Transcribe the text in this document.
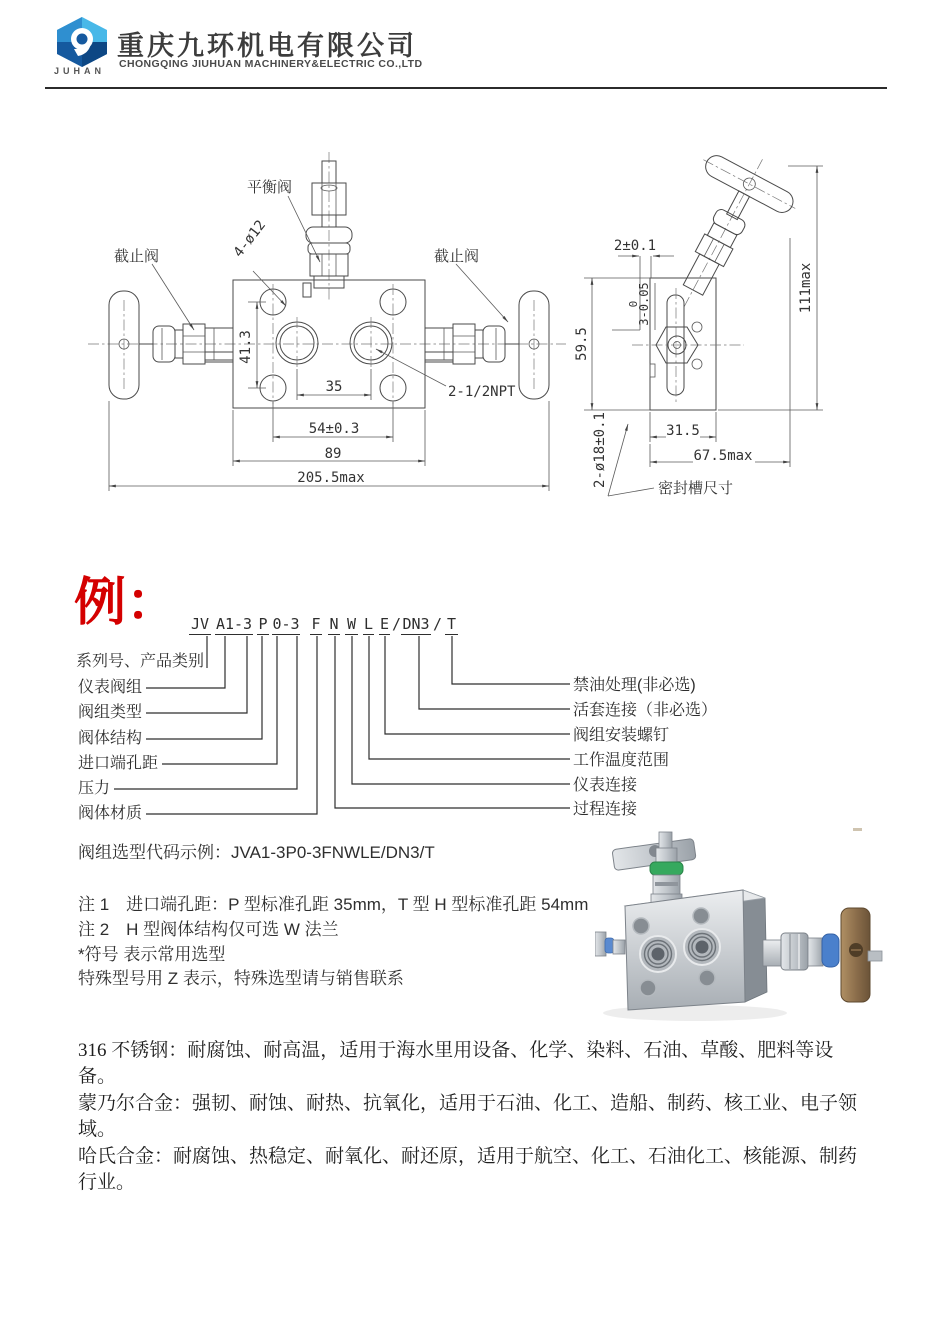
JUHAN
重庆九环机电有限公司
CHONGQING JIUHUAN MACHINERY&ELECTRIC CO.,LTD
平衡阀
截止阀	截止阀
4-ø12
41.3
35	2-1/2NPT
54±0.3
89
205.5max
2±0.1
0
3-0.05
59.5
111max
31.5
67.5max
2-ø18±0.1
密封槽尺寸
例： JV A1-3 P 0-3 F N W L E / DN3 / T
系列号、产品类别
仪表阀组
阀组类型
阀体结构
进口端孔距
压力
阀体材质
禁油处理(非必选)
活套连接（非必选）
阀组安装螺钉
工作温度范围
仪表连接
过程连接
阀组选型代码示例：JVA1-3P0-3FNWLE/DN3/T
注 1　进口端孔距：P 型标准孔距 35mm，T 型 H 型标准孔距 54mm
注 2　H 型阀体结构仅可选 W 法兰
*符号 表示常用选型
特殊型号用 Z 表示，特殊选型请与销售联系

316 不锈钢：耐腐蚀、耐高温，适用于海水里用设备、化学、染料、石油、草酸、肥料等设备。

蒙乃尔合金：强韧、耐蚀、耐热、抗氧化，适用于石油、化工、造船、制药、核工业、电子领域。

哈氏合金：耐腐蚀、热稳定、耐氧化、耐还原，适用于航空、化工、石油化工、核能源、制药行业。
